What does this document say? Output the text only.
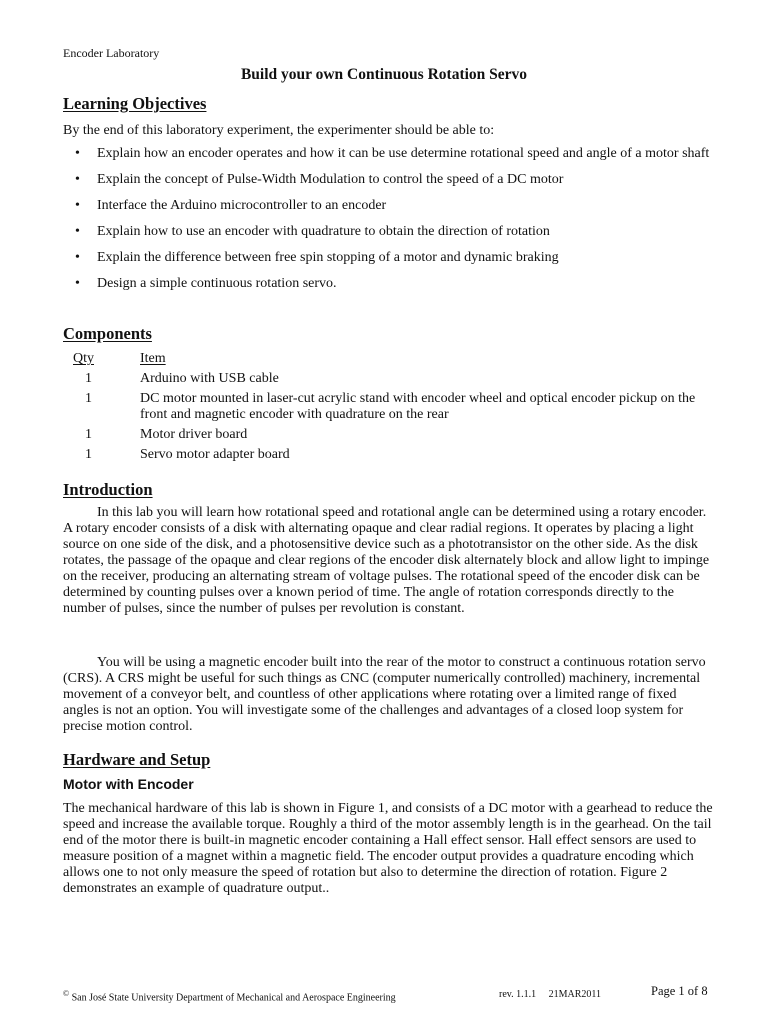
Encoder Laboratory
Build your own Continuous Rotation Servo
Learning Objectives

By the end of this laboratory experiment, the experimenter should be able to:

• Explain how an encoder operates and how it can be use determine rotational speed and angle of a motor shaft
• Explain the concept of Pulse-Width Modulation to control the speed of a DC motor
• Interface the Arduino microcontroller to an encoder
• Explain how to use an encoder with quadrature to obtain the direction of rotation
• Explain the difference between free spin stopping of a motor and dynamic braking
• Design a simple continuous rotation servo.
Components
Qty	Item
1	Arduino with USB cable
1	DC motor mounted in laser-cut acrylic stand with encoder wheel and optical encoder pickup on the front and magnetic encoder with quadrature on the rear
1	Motor driver board
1	Servo motor adapter board
Introduction

In this lab you will learn how rotational speed and rotational angle can be determined using a rotary encoder. A rotary encoder consists of a disk with alternating opaque and clear radial regions. It operates by placing a light source on one side of the disk, and a photosensitive device such as a phototransistor on the other side. As the disk rotates, the passage of the opaque and clear regions of the encoder disk alternately block and allow light to impinge on the receiver, producing an alternating stream of voltage pulses. The rotational speed of the encoder disk can be determined by counting pulses over a known period of time. The angle of rotation corresponds directly to the number of pulses, since the number of pulses per revolution is constant.

You will be using a magnetic encoder built into the rear of the motor to construct a continuous rotation servo (CRS). A CRS might be useful for such things as CNC (computer numerically controlled) machinery, incremental movement of a conveyor belt, and countless of other applications where rotating over a limited range of fixed angles is not an option. You will investigate some of the challenges and advantages of a closed loop system for precise motion control.

Hardware and Setup
Motor with Encoder

The mechanical hardware of this lab is shown in Figure 1, and consists of a DC motor with a gearhead to reduce the speed and increase the available torque. Roughly a third of the motor assembly length is in the gearhead. On the tail end of the motor there is built-in magnetic encoder containing a Hall effect sensor. Hall effect sensors are used to measure position of a magnet within a magnetic field. The encoder output provides a quadrature encoding which allows one to not only measure the speed of rotation but also to determine the direction of rotation. Figure 2 demonstrates an example of quadrature output..

© San José State University Department of Mechanical and Aerospace Engineering	rev. 1.1.1 21MAR2011	Page 1 of 8
